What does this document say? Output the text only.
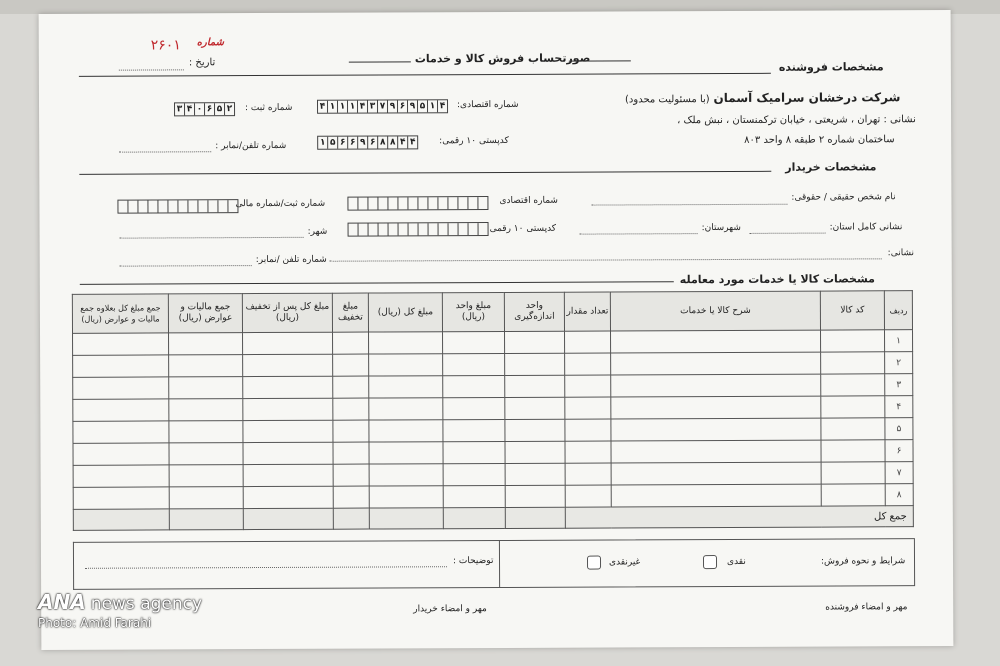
شماره
۲۶۰۱
تاریخ :	صورتحساب فروش کالا و خدمات
مشخصات فروشنده
شرکت درخشان سرامیک آسمان (با مسئولیت محدود)
نشانی : تهران ، شریعتی ، خیابان ترکمنستان ، نبش ملک ،
ساختمان شماره ۲ طبقه ۸ واحد ۸۰۳
شماره اقتصادی:
۴ ۱ ۱ ۱ ۴ ۳ ۷ ۹ ۶ ۹ ۵ ۱ ۴
شماره ثبت :
۳ ۴ ۰ ۶ ۵ ۲
کدپستی ۱۰ رقمی:
۱ ۵ ۶ ۶ ۹ ۶ ۸ ۸ ۴ ۴
شماره تلفن/نمابر :
مشخصات خریدار
نام شخص حقیقی / حقوقی:
شماره اقتصادی
شماره ثبت/شماره مالی
نشانی کامل استان:
شهرستان:
کدپستی ۱۰ رقمی
شهر:
نشانی:
شماره تلفن /نمابر:
مشخصات کالا یا خدمات مورد معامله
ردیف	کد کالا	شرح کالا یا خدمات	تعداد مقدار	واحد اندازه‌گیری	مبلغ واحد (ریال)	مبلغ کل (ریال)	مبلغ تخفیف	مبلغ کل پس از تخفیف (ریال)	جمع مالیات و عوارض (ریال)	جمع مبلغ کل بعلاوه جمع مالیات و عوارض (ریال)
۱										
۲										
۳										
۴										
۵										
۶										
۷										
۸										
جمع کل										
شرایط و نحوه فروش:
نقدی
غیرنقدی
توضیحات :
مهر و امضاء فروشنده
مهر و امضاء خریدار
ANA news agency
Photo: Amid Farahi
